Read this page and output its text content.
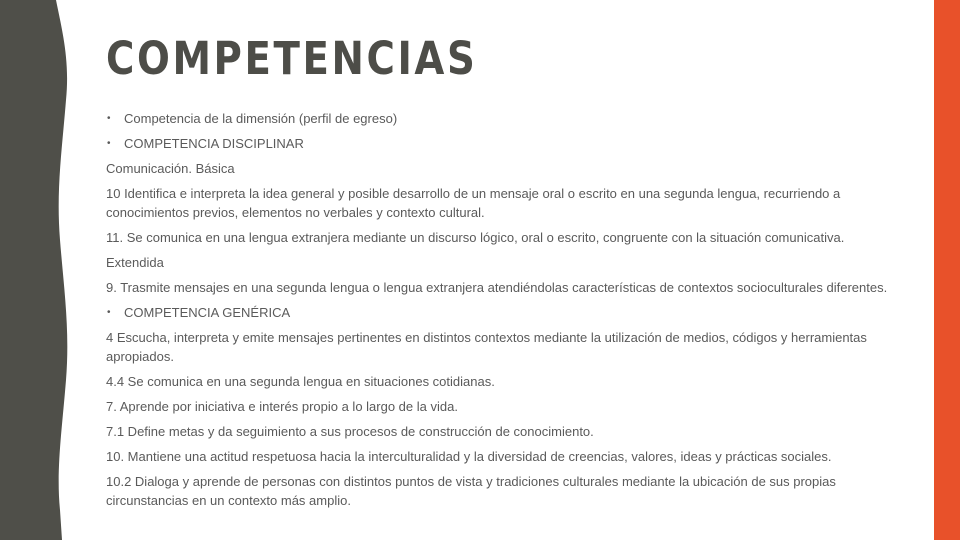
COMPETENCIAS

• Competencia de la dimensión (perfil de egreso)

• COMPETENCIA DISCIPLINAR

Comunicación. Básica

10 Identifica e interpreta la idea general y posible desarrollo de un mensaje oral o escrito en una segunda lengua, recurriendo a conocimientos previos, elementos no verbales y contexto cultural.

11. Se comunica en una lengua extranjera mediante un discurso lógico, oral o escrito, congruente con la situación comunicativa.

Extendida

9. Trasmite mensajes en una segunda lengua o lengua extranjera atendiéndolas características de contextos socioculturales diferentes.

• COMPETENCIA GENÉRICA

4 Escucha, interpreta y emite mensajes pertinentes en distintos contextos mediante la utilización de medios, códigos y herramientas apropiados.

4.4 Se comunica en una segunda lengua en situaciones cotidianas.

7. Aprende por iniciativa e interés propio a lo largo de la vida.

7.1 Define metas y da seguimiento a sus procesos de construcción de conocimiento.

10. Mantiene una actitud respetuosa hacia la interculturalidad y la diversidad de creencias, valores, ideas y prácticas sociales.

10.2 Dialoga y aprende de personas con distintos puntos de vista y tradiciones culturales mediante la ubicación de sus propias circunstancias en un contexto más amplio.
